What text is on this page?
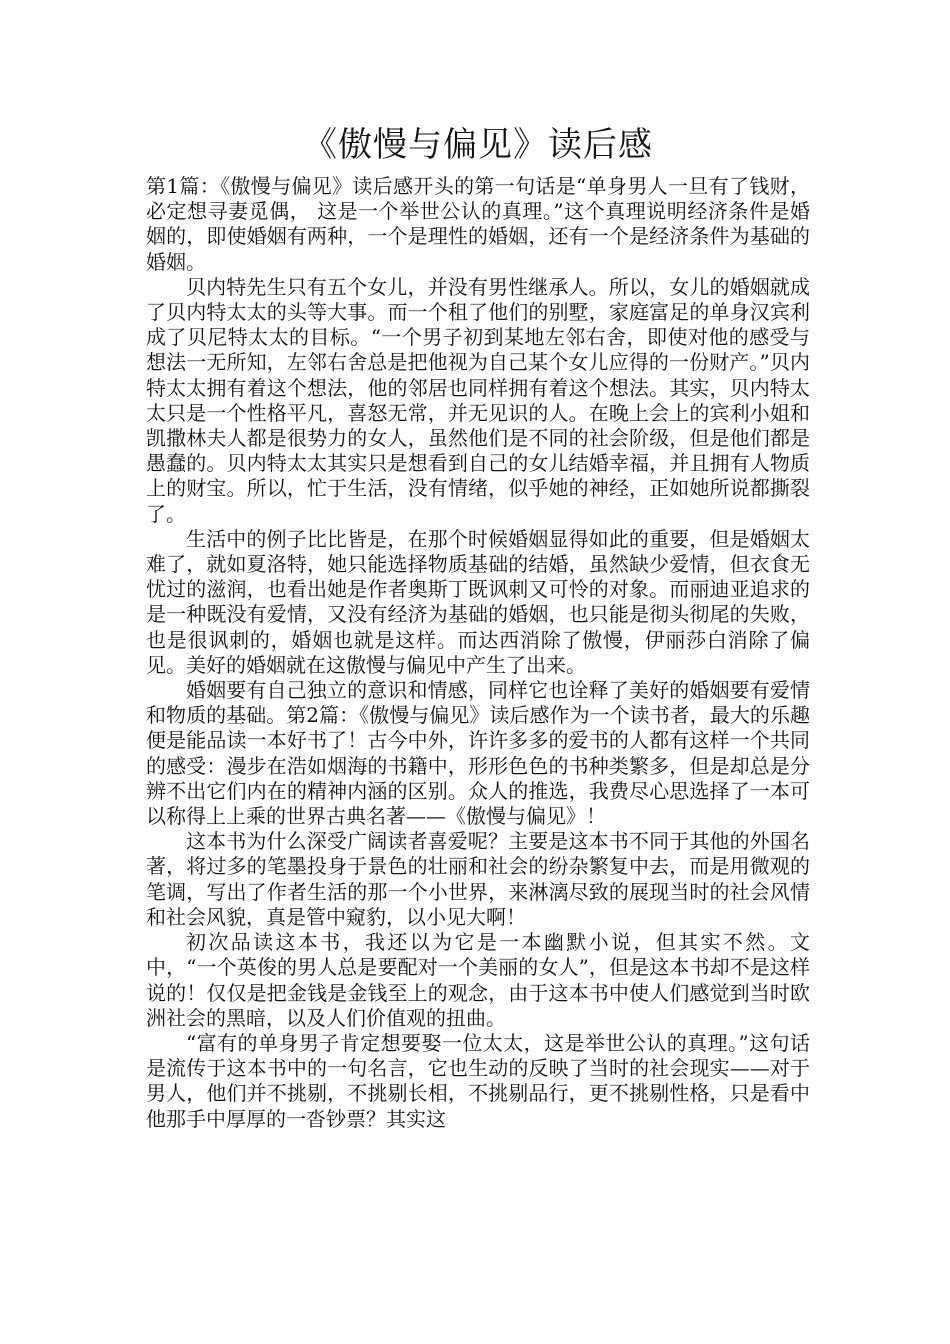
《傲慢与偏见》读后感

第1篇：《傲慢与偏见》读后感开头的第一句话是“单身男人一旦有了钱财，必定想寻妻觅偶， 这是一个举世公认的真理。”这个真理说明经济条件是婚姻的，即使婚姻有两种，一个是理性的婚姻，还有一个是经济条件为基础的婚姻。

贝内特先生只有五个女儿，并没有男性继承人。所以，女儿的婚姻就成了贝内特太太的头等大事。而一个租了他们的别墅，家庭富足的单身汉宾利成了贝尼特太太的目标。“一个男子初到某地左邻右舍，即使对他的感受与想法一无所知，左邻右舍总是把他视为自己某个女儿应得的一份财产。”贝内特太太拥有着这个想法，他的邻居也同样拥有着这个想法。其实，贝内特太太只是一个性格平凡，喜怒无常，并无见识的人。在晚上会上的宾利小姐和凯撒林夫人都是很势力的女人，虽然他们是不同的社会阶级，但是他们都是愚蠢的。贝内特太太其实只是想看到自己的女儿结婚幸福，并且拥有人物质上的财宝。所以，忙于生活，没有情绪，似乎她的神经，正如她所说都撕裂了。

生活中的例子比比皆是，在那个时候婚姻显得如此的重要，但是婚姻太难了，就如夏洛特，她只能选择物质基础的结婚，虽然缺少爱情，但衣食无忧过的滋润，也看出她是作者奥斯丁既讽刺又可怜的对象。而丽迪亚追求的是一种既没有爱情，又没有经济为基础的婚姻，也只能是彻头彻尾的失败，也是很讽刺的，婚姻也就是这样。而达西消除了傲慢，伊丽莎白消除了偏见。美好的婚姻就在这傲慢与偏见中产生了出来。

婚姻要有自己独立的意识和情感，同样它也诠释了美好的婚姻要有爱情和物质的基础。第2篇：《傲慢与偏见》读后感作为一个读书者，最大的乐趣便是能品读一本好书了！古今中外，许许多多的爱书的人都有这样一个共同的感受：漫步在浩如烟海的书籍中，形形色色的书种类繁多，但是却总是分辨不出它们内在的精神内涵的区别。众人的推选，我费尽心思选择了一本可以称得上上乘的世界古典名著——《傲慢与偏见》！

这本书为什么深受广阔读者喜爱呢？主要是这本书不同于其他的外国名著，将过多的笔墨投身于景色的壮丽和社会的纷杂繁复中去，而是用微观的笔调，写出了作者生活的那一个小世界，来淋漓尽致的展现当时的社会风情和社会风貌，真是管中窥豹，以小见大啊！

初次品读这本书，我还以为它是一本幽默小说，但其实不然。文中，“一个英俊的男人总是要配对一个美丽的女人”，但是这本书却不是这样说的！仅仅是把金钱是金钱至上的观念，由于这本书中使人们感觉到当时欧洲社会的黑暗，以及人们价值观的扭曲。

“富有的单身男子肯定想要娶一位太太，这是举世公认的真理。”这句话是流传于这本书中的一句名言，它也生动的反映了当时的社会现实——对于男人，他们并不挑剔，不挑剔长相，不挑剔品行，更不挑剔性格，只是看中他那手中厚厚的一沓钞票？其实这
